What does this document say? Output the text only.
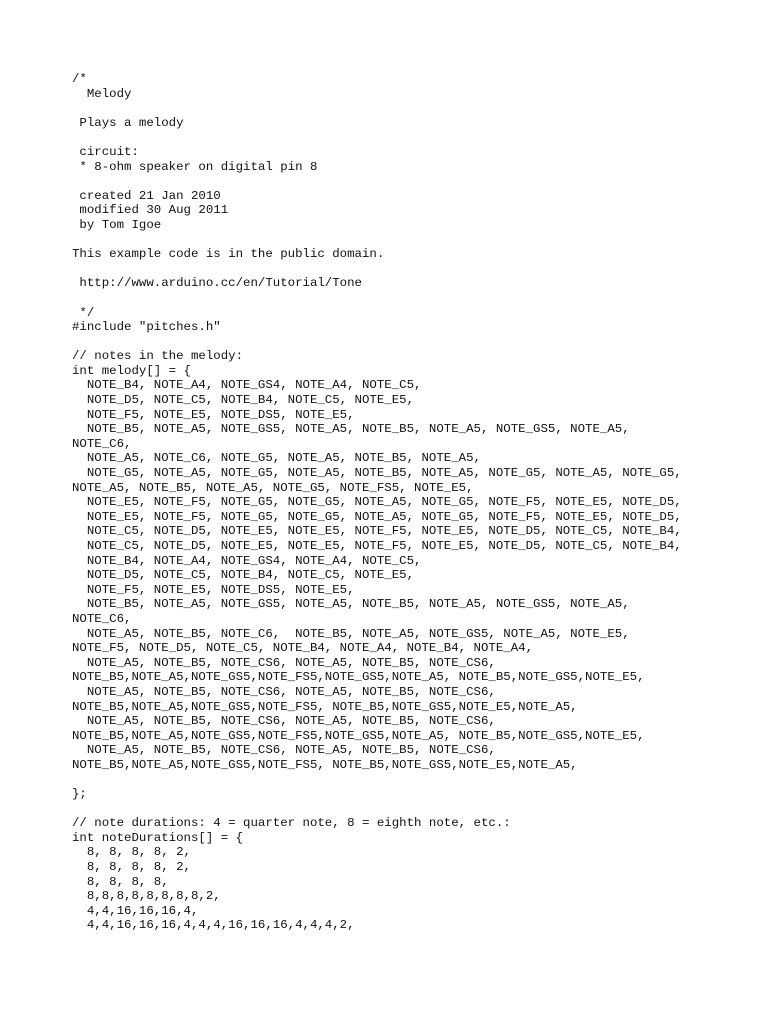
/*
Melody
Plays a melody
circuit:
* 8-ohm speaker on digital pin 8
created 21 Jan 2010
modified 30 Aug 2011
by Tom Igoe
This example code is in the public domain.
http://www.arduino.cc/en/Tutorial/Tone
*/
#include "pitches.h"
// notes in the melody:
int melody[] = {
NOTE_B4, NOTE_A4, NOTE_GS4, NOTE_A4, NOTE_C5,
NOTE_D5, NOTE_C5, NOTE_B4, NOTE_C5, NOTE_E5,
NOTE_F5, NOTE_E5, NOTE_DS5, NOTE_E5,
NOTE_B5, NOTE_A5, NOTE_GS5, NOTE_A5, NOTE_B5, NOTE_A5, NOTE_GS5, NOTE_A5,
NOTE_C6,
NOTE_A5, NOTE_C6, NOTE_G5, NOTE_A5, NOTE_B5, NOTE_A5,
NOTE_G5, NOTE_A5, NOTE_G5, NOTE_A5, NOTE_B5, NOTE_A5, NOTE_G5, NOTE_A5, NOTE_G5,
NOTE_A5, NOTE_B5, NOTE_A5, NOTE_G5, NOTE_FS5, NOTE_E5,
NOTE_E5, NOTE_F5, NOTE_G5, NOTE_G5, NOTE_A5, NOTE_G5, NOTE_F5, NOTE_E5, NOTE_D5,
NOTE_E5, NOTE_F5, NOTE_G5, NOTE_G5, NOTE_A5, NOTE_G5, NOTE_F5, NOTE_E5, NOTE_D5,
NOTE_C5, NOTE_D5, NOTE_E5, NOTE_E5, NOTE_F5, NOTE_E5, NOTE_D5, NOTE_C5, NOTE_B4,
NOTE_C5, NOTE_D5, NOTE_E5, NOTE_E5, NOTE_F5, NOTE_E5, NOTE_D5, NOTE_C5, NOTE_B4,
NOTE_B4, NOTE_A4, NOTE_GS4, NOTE_A4, NOTE_C5,
NOTE_D5, NOTE_C5, NOTE_B4, NOTE_C5, NOTE_E5,
NOTE_F5, NOTE_E5, NOTE_DS5, NOTE_E5,
NOTE_B5, NOTE_A5, NOTE_GS5, NOTE_A5, NOTE_B5, NOTE_A5, NOTE_GS5, NOTE_A5,
NOTE_C6,
NOTE_A5, NOTE_B5, NOTE_C6,  NOTE_B5, NOTE_A5, NOTE_GS5, NOTE_A5, NOTE_E5,
NOTE_F5, NOTE_D5, NOTE_C5, NOTE_B4, NOTE_A4, NOTE_B4, NOTE_A4,
NOTE_A5, NOTE_B5, NOTE_CS6, NOTE_A5, NOTE_B5, NOTE_CS6,
NOTE_B5,NOTE_A5,NOTE_GS5,NOTE_FS5,NOTE_GS5,NOTE_A5, NOTE_B5,NOTE_GS5,NOTE_E5,
NOTE_A5, NOTE_B5, NOTE_CS6, NOTE_A5, NOTE_B5, NOTE_CS6,
NOTE_B5,NOTE_A5,NOTE_GS5,NOTE_FS5, NOTE_B5,NOTE_GS5,NOTE_E5,NOTE_A5,
NOTE_A5, NOTE_B5, NOTE_CS6, NOTE_A5, NOTE_B5, NOTE_CS6,
NOTE_B5,NOTE_A5,NOTE_GS5,NOTE_FS5,NOTE_GS5,NOTE_A5, NOTE_B5,NOTE_GS5,NOTE_E5,
NOTE_A5, NOTE_B5, NOTE_CS6, NOTE_A5, NOTE_B5, NOTE_CS6,
NOTE_B5,NOTE_A5,NOTE_GS5,NOTE_FS5, NOTE_B5,NOTE_GS5,NOTE_E5,NOTE_A5,
};
// note durations: 4 = quarter note, 8 = eighth note, etc.:
int noteDurations[] = {
8, 8, 8, 8, 2,
8, 8, 8, 8, 2,
8, 8, 8, 8,
8,8,8,8,8,8,8,8,2,
4,4,16,16,16,4,
4,4,16,16,16,4,4,4,16,16,16,4,4,4,2,
